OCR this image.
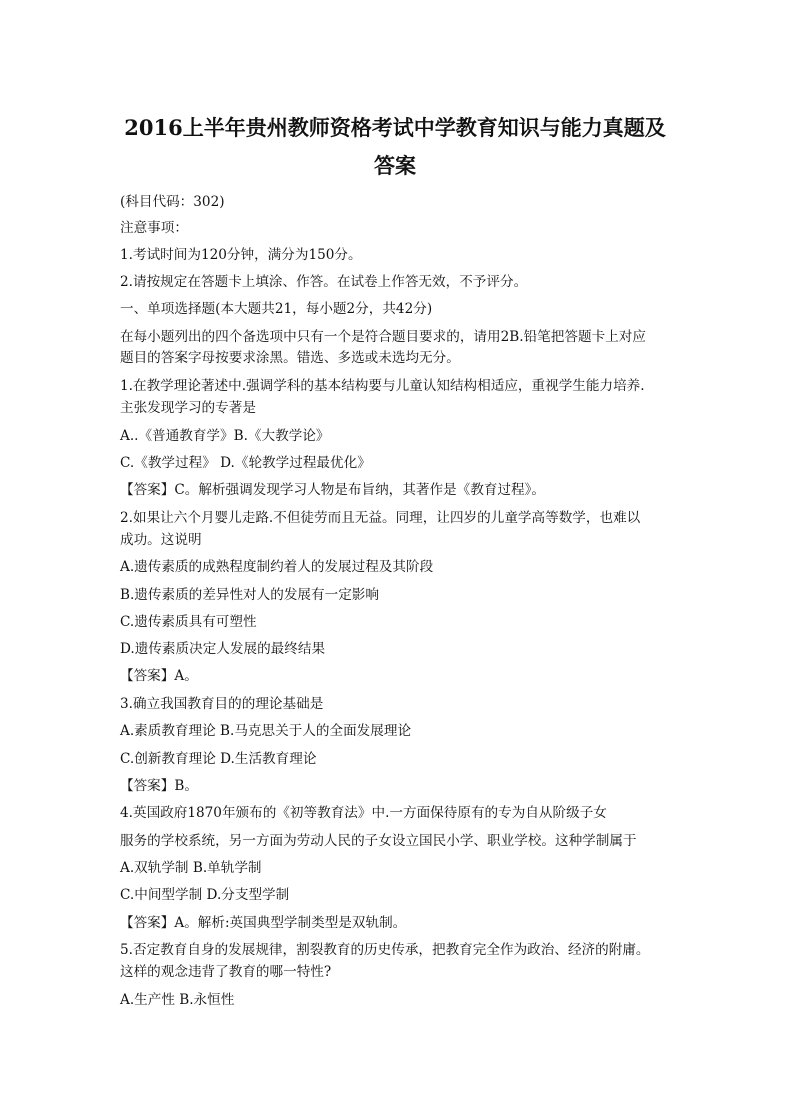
2016上半年贵州教师资格考试中学教育知识与能力真题及
答案
(科目代码：302)
注意事项：
1.考试时间为120分钟，满分为150分。
2.请按规定在答题卡上填涂、作答。在试卷上作答无效，不予评分。
一、单项选择题(本大题共21，每小题2分，共42分)
在每小题列出的四个备选项中只有一个是符合题目要求的，请用2B.铅笔把答题卡上对应
题目的答案字母按要求涂黑。错选、多选或未选均无分。
1.在教学理论著述中.强调学科的基本结构要与儿童认知结构相适应，重视学生能力培养.
主张发现学习的专著是
A..《普通教育学》B.《大教学论》
C.《教学过程》 D.《轮教学过程最优化》
【答案】C。解析强调发现学习人物是布旨纳，其著作是《教育过程》。
2.如果让六个月婴儿走路.不但徒劳而且无益。同理，让四岁的儿童学高等数学，也难以
成功。这说明
A.遗传素质的成熟程度制约着人的发展过程及其阶段
B.遗传素质的差异性对人的发展有一定影响
C.遗传素质具有可塑性
D.遗传素质决定人发展的最终结果
【答案】A。
3.确立我国教育目的的理论基础是
A.素质教育理论 B.马克思关于人的全面发展理论
C.创新教育理论 D.生活教育理论
【答案】B。
4.英国政府1870年颁布的《初等教育法》中.一方面保待原有的专为自从阶级子女
服务的学校系统，另一方面为劳动人民的子女设立国民小学、职业学校。这种学制属于
A.双轨学制 B.单轨学制
C.中间型学制 D.分支型学制
【答案】A。解析:英国典型学制类型是双轨制。
5.否定教育自身的发展规律，割裂教育的历史传承，把教育完全作为政治、经济的附庸。
这样的观念违背了教育的哪一特性?
A.生产性 B.永恒性
